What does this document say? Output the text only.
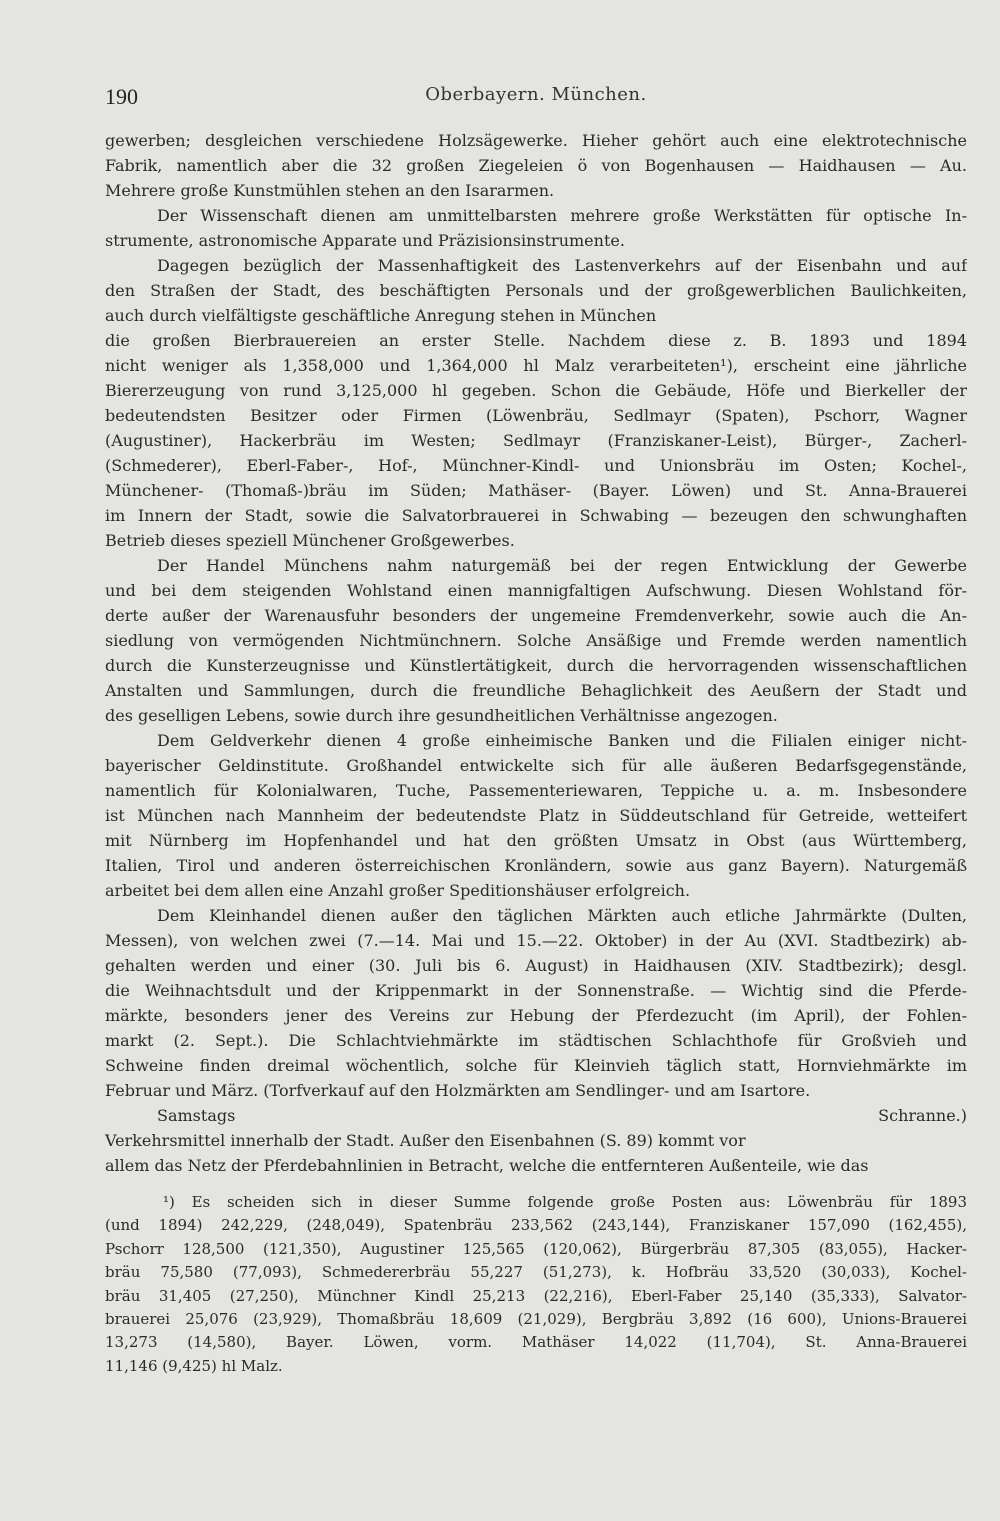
190	Oberbayern. München.
gewerben; desgleichen verschiedene Holzsägewerke. Hieher gehört auch eine elektrotechnische
Fabrik, namentlich aber die 32 großen Ziegeleien ö von Bogenhausen — Haidhausen — Au.
Mehrere große Kunstmühlen stehen an den Isararmen.
Der Wissenschaft dienen am unmittelbarsten mehrere große Werkstätten für optische In-
strumente, astronomische Apparate und Präzisionsinstrumente.
Dagegen bezüglich der Massenhaftigkeit des Lastenverkehrs auf der Eisenbahn und auf
den Straßen der Stadt, des beschäftigten Personals und der großgewerblichen Baulichkeiten,
auch durch vielfältigste geschäftliche Anregung stehen in München
die großen Bierbrauereien an erster Stelle. Nachdem diese z. B. 1893 und 1894
nicht weniger als 1,358,000 und 1,364,000 hl Malz verarbeiteten¹), erscheint eine jährliche
Biererzeugung von rund 3,125,000 hl gegeben. Schon die Gebäude, Höfe und Bierkeller der
bedeutendsten Besitzer oder Firmen (Löwenbräu, Sedlmayr (Spaten), Pschorr, Wagner
(Augustiner), Hackerbräu im Westen; Sedlmayr (Franziskaner-Leist), Bürger-, Zacherl-
(Schmederer), Eberl-Faber-, Hof-, Münchner-Kindl- und Unionsbräu im Osten; Kochel-,
Münchener- (Thomaß-)bräu im Süden; Mathäser- (Bayer. Löwen) und St. Anna-Brauerei
im Innern der Stadt, sowie die Salvatorbrauerei in Schwabing — bezeugen den schwunghaften
Betrieb dieses speziell Münchener Großgewerbes.
Der Handel Münchens nahm naturgemäß bei der regen Entwicklung der Gewerbe
und bei dem steigenden Wohlstand einen mannigfaltigen Aufschwung. Diesen Wohlstand för-
derte außer der Warenausfuhr besonders der ungemeine Fremdenverkehr, sowie auch die An-
siedlung von vermögenden Nichtmünchnern. Solche Ansäßige und Fremde werden namentlich
durch die Kunsterzeugnisse und Künstlertätigkeit, durch die hervorragenden wissenschaftlichen
Anstalten und Sammlungen, durch die freundliche Behaglichkeit des Aeußern der Stadt und
des geselligen Lebens, sowie durch ihre gesundheitlichen Verhältnisse angezogen.
Dem Geldverkehr dienen 4 große einheimische Banken und die Filialen einiger nicht-
bayerischer Geldinstitute. Großhandel entwickelte sich für alle äußeren Bedarfsgegenstände,
namentlich für Kolonialwaren, Tuche, Passementeriewaren, Teppiche u. a. m. Insbesondere
ist München nach Mannheim der bedeutendste Platz in Süddeutschland für Getreide, wetteifert
mit Nürnberg im Hopfenhandel und hat den größten Umsatz in Obst (aus Württemberg,
Italien, Tirol und anderen österreichischen Kronländern, sowie aus ganz Bayern). Naturgemäß
arbeitet bei dem allen eine Anzahl großer Speditionshäuser erfolgreich.
Dem Kleinhandel dienen außer den täglichen Märkten auch etliche Jahrmärkte (Dulten,
Messen), von welchen zwei (7.—14. Mai und 15.—22. Oktober) in der Au (XVI. Stadtbezirk) ab-
gehalten werden und einer (30. Juli bis 6. August) in Haidhausen (XIV. Stadtbezirk); desgl.
die Weihnachtsdult und der Krippenmarkt in der Sonnenstraße. — Wichtig sind die Pferde-
märkte, besonders jener des Vereins zur Hebung der Pferdezucht (im April), der Fohlen-
markt (2. Sept.). Die Schlachtviehmärkte im städtischen Schlachthofe für Großvieh und
Schweine finden dreimal wöchentlich, solche für Kleinvieh täglich statt, Hornviehmärkte im
Februar und März. (Torfverkauf auf den Holzmärkten am Sendlinger- und am Isartore.
Samstags Schranne.)
Verkehrsmittel innerhalb der Stadt. Außer den Eisenbahnen (S. 89) kommt vor
allem das Netz der Pferdebahnlinien in Betracht, welche die entfernteren Außenteile, wie das
¹) Es scheiden sich in dieser Summe folgende große Posten aus: Löwenbräu für 1893
(und 1894) 242,229, (248,049), Spatenbräu 233,562 (243,144), Franziskaner 157,090 (162,455),
Pschorr 128,500 (121,350), Augustiner 125,565 (120,062), Bürgerbräu 87,305 (83,055), Hacker-
bräu 75,580 (77,093), Schmedererbräu 55,227 (51,273), k. Hofbräu 33,520 (30,033), Kochel-
bräu 31,405 (27,250), Münchner Kindl 25,213 (22,216), Eberl-Faber 25,140 (35,333), Salvator-
brauerei 25,076 (23,929), Thomaßbräu 18,609 (21,029), Bergbräu 3,892 (16 600), Unions-Brauerei
13,273 (14,580), Bayer. Löwen, vorm. Mathäser 14,022 (11,704), St. Anna-Brauerei
11,146 (9,425) hl Malz.
